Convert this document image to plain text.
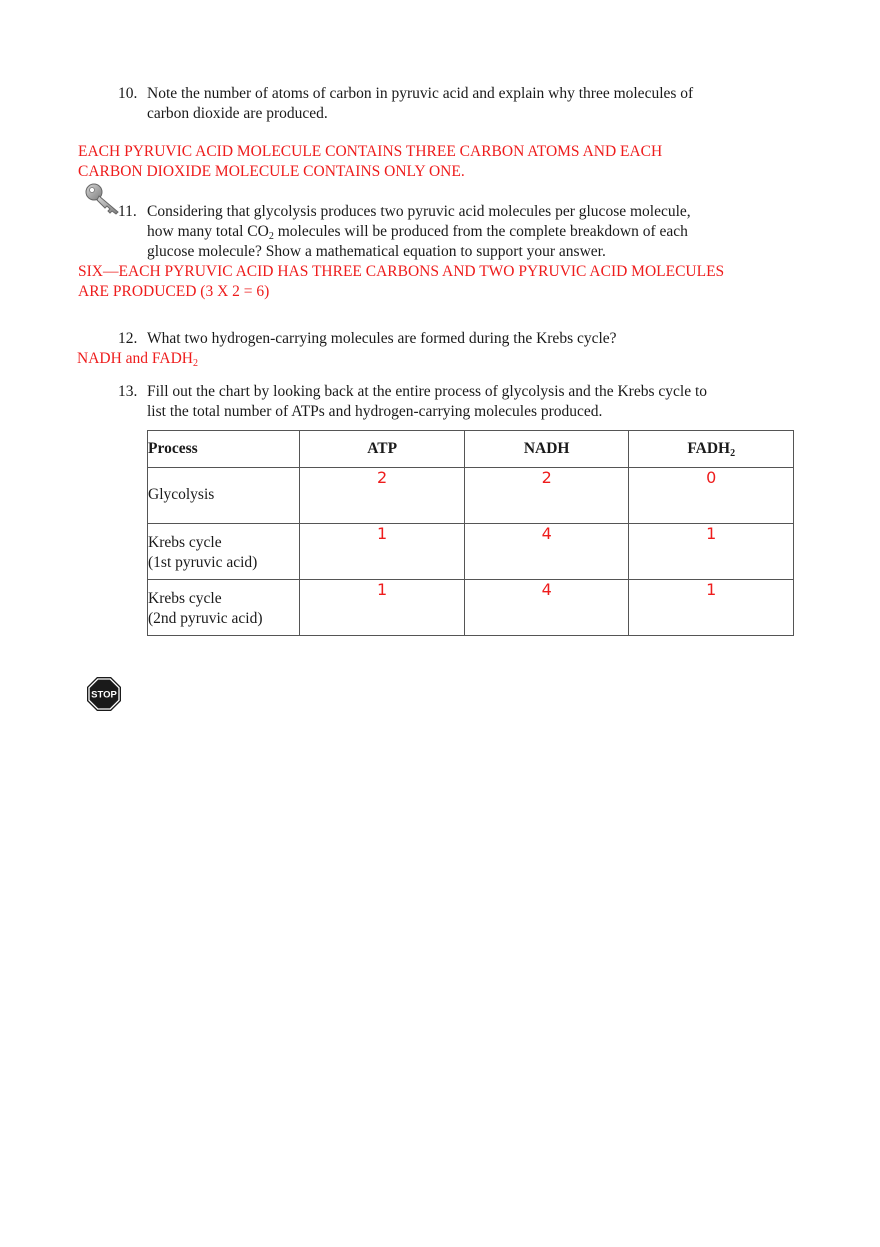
10. Note the number of atoms of carbon in pyruvic acid and explain why three molecules of
carbon dioxide are produced.
EACH PYRUVIC ACID MOLECULE CONTAINS THREE CARBON ATOMS AND EACH
CARBON DIOXIDE MOLECULE CONTAINS ONLY ONE.
11. Considering that glycolysis produces two pyruvic acid molecules per glucose molecule,
how many total $CO_2$ molecules will be produced from the complete breakdown of each
glucose molecule? Show a mathematical equation to support your answer.
SIX—EACH PYRUVIC ACID HAS THREE CARBONS AND TWO PYRUVIC ACID MOLECULES
ARE PRODUCED (3 X 2 = 6)
12. What two hydrogen-carrying molecules are formed during the Krebs cycle?
NADH and $FADH_2$
13. Fill out the chart by looking back at the entire process of glycolysis and the Krebs cycle to
list the total number of ATPs and hydrogen-carrying molecules produced.
Process	ATP	NADH	$FADH_2$

Glycolysis	2	2	0

Krebs cycle
(1st pyruvic acid)	1	4	1

Krebs cycle
(2nd pyruvic acid)	1	4	1
STOP
